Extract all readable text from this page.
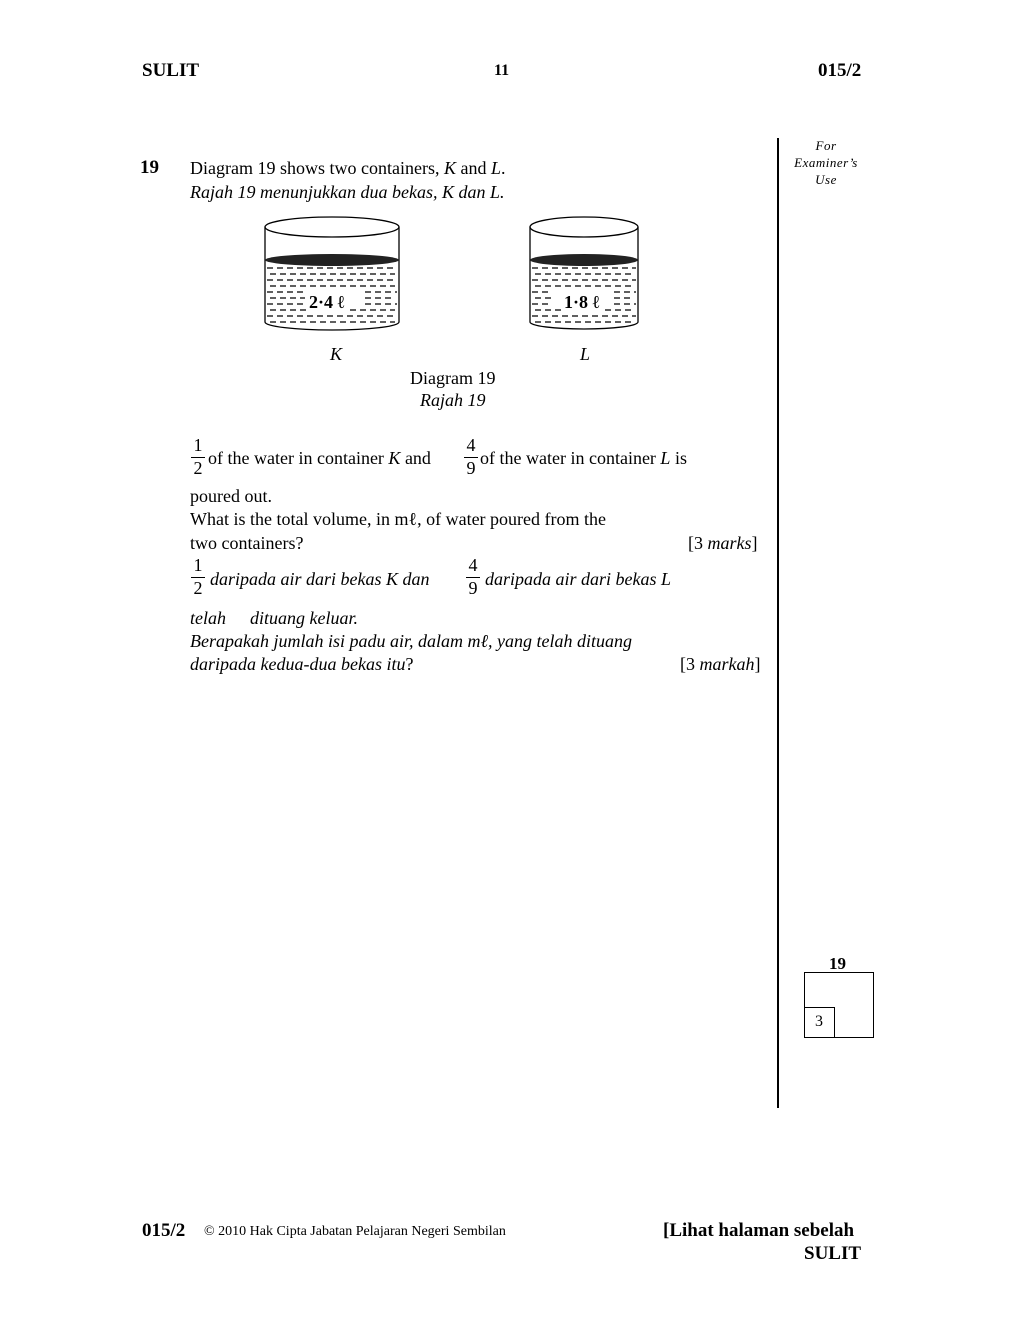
SULIT	11	015/2
For
Examiner’s
Use
19 Diagram 19 shows two containers, K and L.
Rajah 19 menunjukkan dua bekas, K dan L.
2·4 ℓ	1·8 ℓ
K	L
Diagram 19
Rajah 19
1
2 of the water in container K and
4
9 of the water in container L is
poured out.
What is the total volume, in mℓ, of water poured from the
two containers?	[3 marks]
1
2 daripada air dari bekas K dan
4
9 daripada air dari bekas L
telah dituang keluar.
Berapakah jumlah isi padu air, dalam mℓ, yang telah dituang
daripada kedua-dua bekas itu?	[3 markah]
19
3
015/2 © 2010 Hak Cipta Jabatan Pelajaran Negeri Sembilan	[Lihat halaman sebelah
SULIT
